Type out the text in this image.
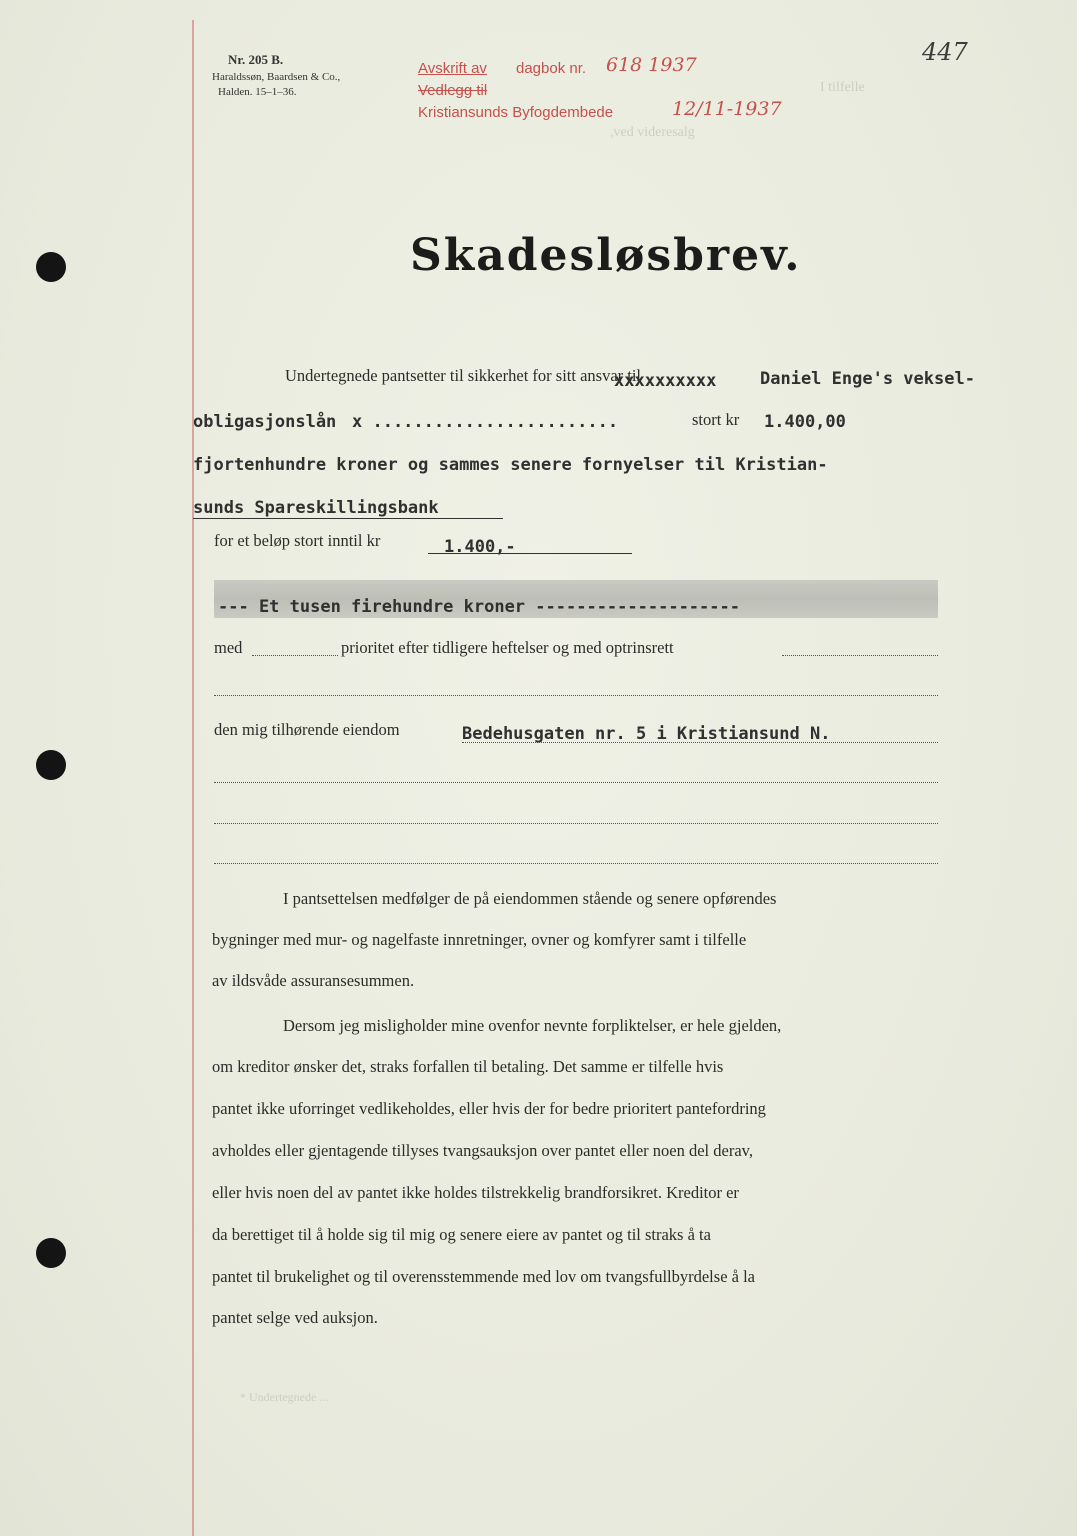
Nr. 205 B.
Haraldssøn, Baardsen & Co.,
Halden. 15–1–36.
Avskrift av dagbok nr.
Vedlegg til
Kristiansunds Byfogdembede
618 1937
12/11-1937
447
I tilfelle
,ved videresalg
Skadesløsbrev.
Undertegnede pantsetter til sikkerhet for sitt ansvar til
xxxxxxxxxx	Daniel Enge's veksel-
obligasjonslån x ........................	stort kr 1.400,00
fjortenhundre kroner og sammes senere fornyelser til Kristian-
sunds Spareskillingsbank
for et beløp stort inntil kr	1.400,-
--- Et tusen firehundre kroner --------------------
med	prioritet efter tidligere heftelser og med optrinsrett
den mig tilhørende eiendom	Bedehusgaten nr. 5 i Kristiansund N.
I pantsettelsen medfølger de på eiendommen stående og senere opførendes
bygninger med mur- og nagelfaste innretninger, ovner og komfyrer samt i tilfelle
av ildsvåde assuransesummen.
Dersom jeg misligholder mine ovenfor nevnte forpliktelser, er hele gjelden,
om kreditor ønsker det, straks forfallen til betaling. Det samme er tilfelle hvis
pantet ikke uforringet vedlikeholdes, eller hvis der for bedre prioritert pantefordring
avholdes eller gjentagende tillyses tvangsauksjon over pantet eller noen del derav,
eller hvis noen del av pantet ikke holdes tilstrekkelig brandforsikret. Kreditor er
da berettiget til å holde sig til mig og senere eiere av pantet og til straks å ta
pantet til brukelighet og til overensstemmende med lov om tvangsfullbyrdelse å la
pantet selge ved auksjon.
* Undertegnede ...
